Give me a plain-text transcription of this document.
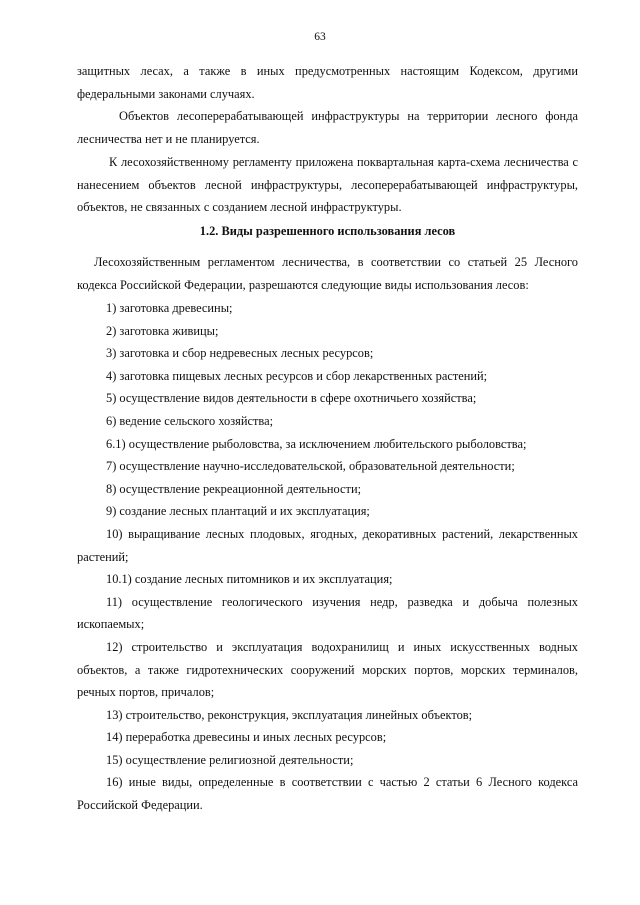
63
защитных лесах, а также в иных предусмотренных настоящим Кодексом, другими федеральными законами случаях.
Объектов лесоперерабатывающей инфраструктуры на территории лесного фонда лесничества нет и не планируется.
К лесохозяйственному регламенту приложена поквартальная карта-схема лесничества с нанесением объектов лесной инфраструктуры, лесоперерабатывающей инфраструктуры, объектов, не связанных с созданием лесной инфраструктуры.
1.2. Виды разрешенного использования лесов
Лесохозяйственным регламентом лесничества, в соответствии со статьей 25 Лесного кодекса Российской Федерации, разрешаются следующие виды использования лесов:
1) заготовка древесины;
2) заготовка живицы;
3) заготовка и сбор недревесных лесных ресурсов;
4) заготовка пищевых лесных ресурсов и сбор лекарственных растений;
5) осуществление видов деятельности в сфере охотничьего хозяйства;
6) ведение сельского хозяйства;
6.1) осуществление рыболовства, за исключением любительского рыболовства;
7) осуществление научно-исследовательской, образовательной деятельности;
8) осуществление рекреационной деятельности;
9) создание лесных плантаций и их эксплуатация;
10) выращивание лесных плодовых, ягодных, декоративных растений, лекарственных растений;
10.1) создание лесных питомников и их эксплуатация;
11) осуществление геологического изучения недр, разведка и добыча полезных ископаемых;
12) строительство и эксплуатация водохранилищ и иных искусственных водных объектов, а также гидротехнических сооружений морских портов, морских терминалов, речных портов, причалов;
13) строительство, реконструкция, эксплуатация линейных объектов;
14) переработка древесины и иных лесных ресурсов;
15) осуществление религиозной деятельности;
16) иные виды, определенные в соответствии с частью 2 статьи 6 Лесного кодекса Российской Федерации.
